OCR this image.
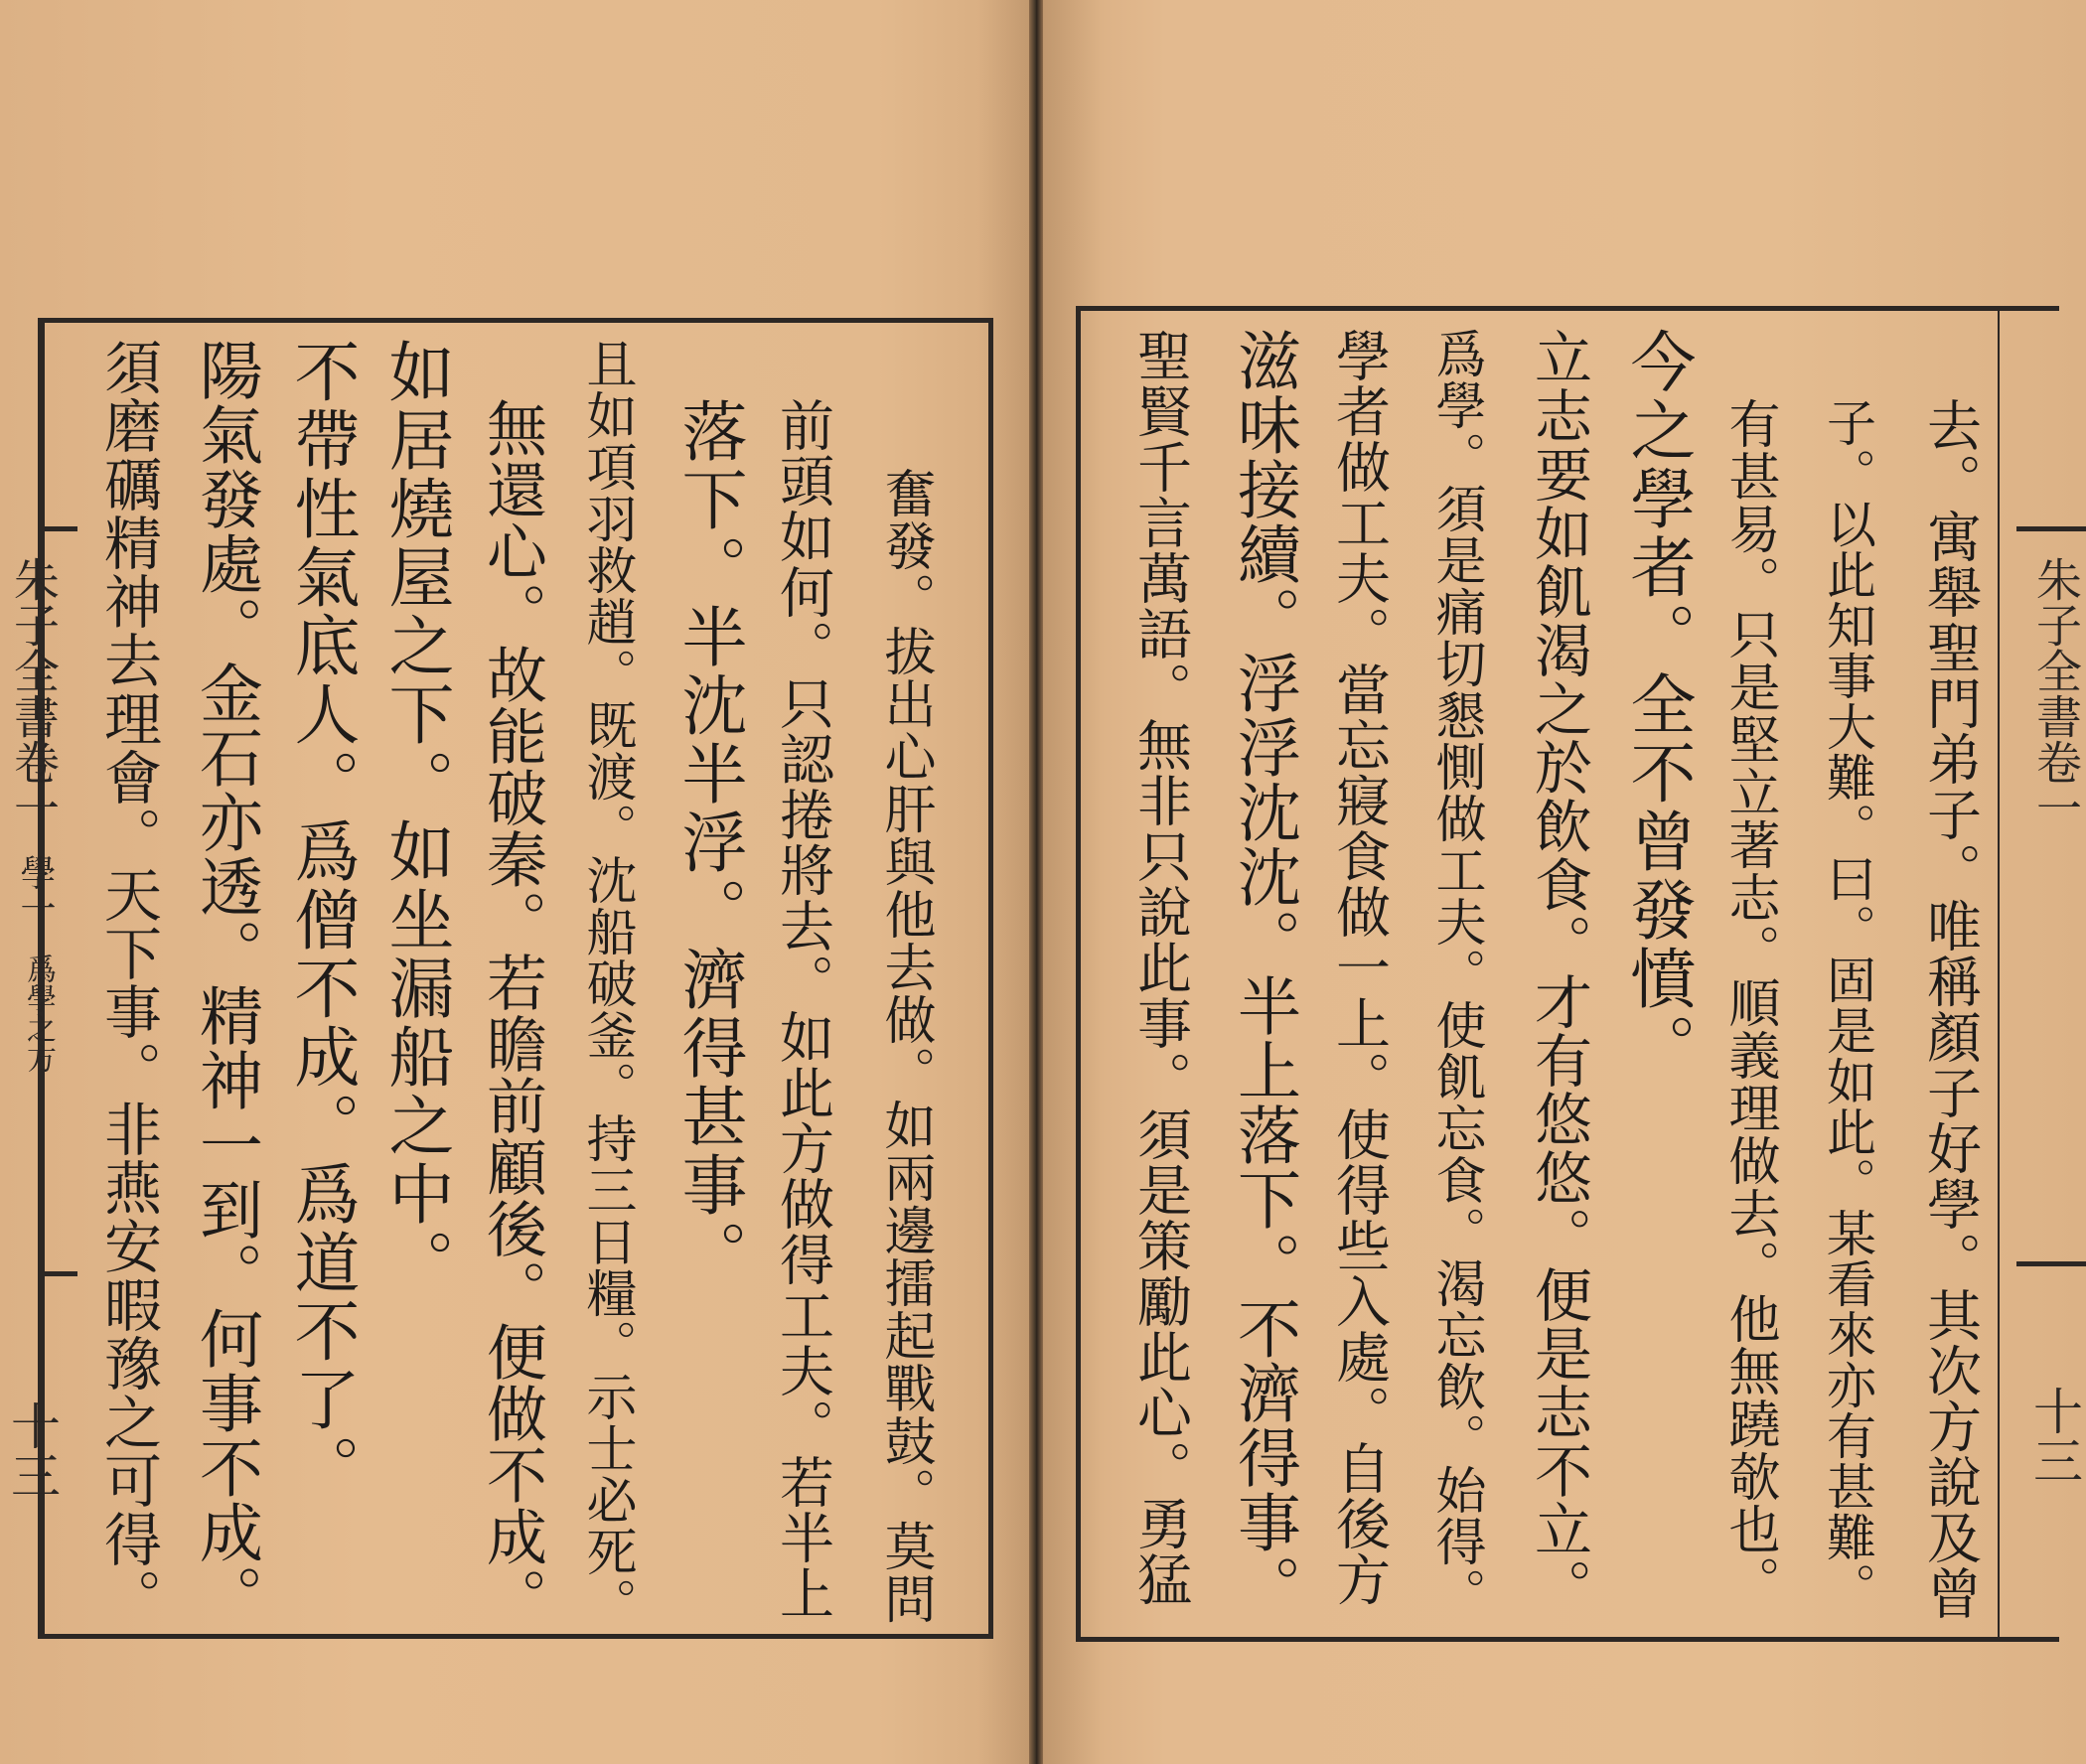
朱子全書卷一
學一
爲學之方
十三	奮發。拔出心肝與他去做。如兩邊擂起戰鼓。莫問
前頭如何。只認捲將去。如此方做得工夫。若半上
落下。半沈半浮。濟得甚事。
且如項羽救趙。既渡。沈船破釜。持三日糧。示士必死。
無還心。故能破秦。若瞻前顧後。便做不成。
如居燒屋之下。如坐漏船之中。
不帶性氣底人。爲僧不成。爲道不了。
陽氣發處。金石亦透。精神一到。何事不成。
須磨礪精神去理會。天下事。非燕安暇豫之可得。	朱子全書卷一
十三
去。寓舉聖門弟子。唯稱顏子好學。其次方說及曾
子。以此知事大難。曰。固是如此。某看來亦有甚難。
有甚易。只是堅立著志。順義理做去。他無蹺欹也。
今之學者。全不曾發憤。
立志要如飢渴之於飲食。才有悠悠。便是志不立。
爲學。須是痛切懇惻做工夫。使飢忘食。渴忘飲。始得。
學者做工夫。當忘寢食做一上。使得些入處。自後方
滋味接續。浮浮沈沈。半上落下。不濟得事。
聖賢千言萬語。無非只說此事。須是策勵此心。勇猛
